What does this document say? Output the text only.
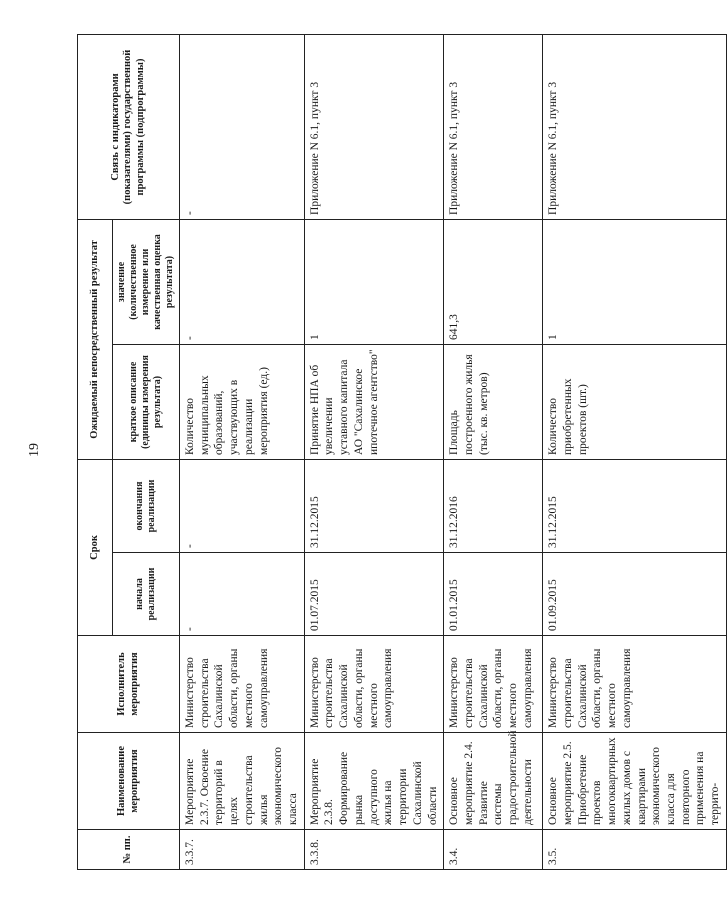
19
№ пп.	Наименование мероприятия	Исполнитель мероприятия	Срок		Ожидаемый непосредственный результат		Связь с индикаторами (показателями) государственной программы (подпрограммы)
			начала реализации	окончания реализации	краткое описание (единицы измерения результата)	значение (количественное измерение или качественная оценка результата)	
3.3.7.	Мероприятие 2.3.7. Освоение территорий в целях строительства жилья экономического класса	Министерство строительства Сахалинской области, органы местного самоуправления	-	-	Количество муниципальных образований, участвующих в реализации мероприятия (ед.)	-	-
3.3.8.	Мероприятие 2.3.8. Формирование рынка доступного жилья на территории Сахалинской области	Министерство строительства Сахалинской области, органы местного самоуправления	01.07.2015	31.12.2015	Принятие НПА об увеличении уставного капитала АО "Сахалинское ипотечное агентство"	1	Приложение N 6.1, пункт 3
3.4.	Основное мероприятие 2.4. Развитие системы градостроительной деятельности	Министерство строительства Сахалинской области, органы местного самоуправления	01.01.2015	31.12.2016	Площадь построенного жилья (тыс. кв. метров)	641,3	Приложение N 6.1, пункт 3
3.5.	Основное мероприятие 2.5. Приобретение проектов многоквартирных жилых домов с квартирами экономического класса для повторного применения на террито-	Министерство строительства Сахалинской области, органы местного самоуправления	01.09.2015	31.12.2015	Количество приобретенных проектов (шт.)	1	Приложение N 6.1, пункт 3
